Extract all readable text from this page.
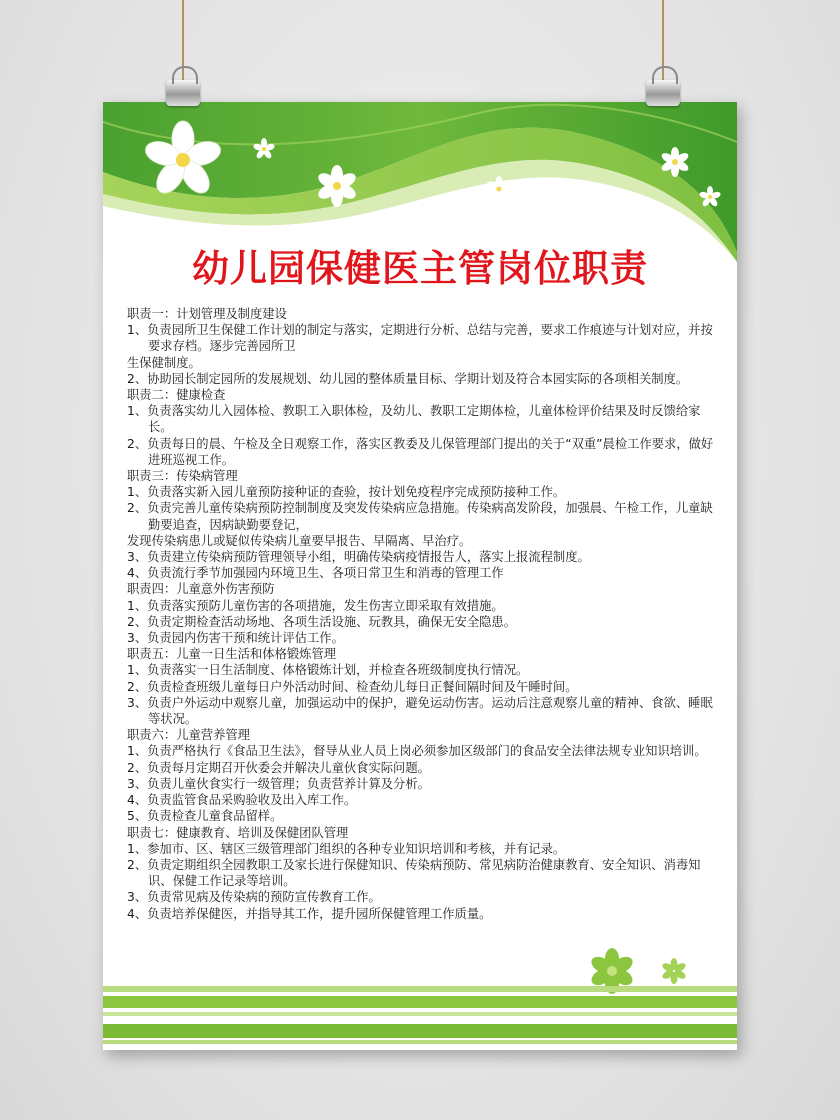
幼儿园保健医主管岗位职责
职责一：计划管理及制度建设
1、负责园所卫生保健工作计划的制定与落实，定期进行分析、总结与完善，要求工作痕迹与计划对应，并按要求存档。逐步完善园所卫
生保健制度。
2、协助园长制定园所的发展规划、幼儿园的整体质量目标、学期计划及符合本园实际的各项相关制度。
职责二：健康检查
1、负责落实幼儿入园体检、教职工入职体检，及幼儿、教职工定期体检，儿童体检评价结果及时反馈给家长。
2、负责每日的晨、午检及全日观察工作，落实区教委及儿保管理部门提出的关于“双重”晨检工作要求，做好进班巡视工作。
职责三：传染病管理
1、负责落实新入园儿童预防接种证的查验，按计划免疫程序完成预防接种工作。
2、负责完善儿童传染病预防控制制度及突发传染病应急措施。传染病高发阶段，加强晨、午检工作，儿童缺勤要追查，因病缺勤要登记，
发现传染病患儿或疑似传染病儿童要早报告、早隔离、早治疗。
3、负责建立传染病预防管理领导小组，明确传染病疫情报告人，落实上报流程制度。
4、负责流行季节加强园内环境卫生、各项日常卫生和消毒的管理工作
职责四：儿童意外伤害预防
1、负责落实预防儿童伤害的各项措施，发生伤害立即采取有效措施。
2、负责定期检查活动场地、各项生活设施、玩教具，确保无安全隐患。
3、负责园内伤害干预和统计评估工作。
职责五：儿童一日生活和体格锻炼管理
1、负责落实一日生活制度、体格锻炼计划，并检查各班级制度执行情况。
2、负责检查班级儿童每日户外活动时间、检查幼儿每日正餐间隔时间及午睡时间。
3、负责户外运动中观察儿童，加强运动中的保护，避免运动伤害。运动后注意观察儿童的精神、食欲、睡眠等状况。
职责六：儿童营养管理
1、负责严格执行《食品卫生法》，督导从业人员上岗必须参加区级部门的食品安全法律法规专业知识培训。
2、负责每月定期召开伙委会并解决儿童伙食实际问题。
3、负责儿童伙食实行一级管理；负责营养计算及分析。
4、负责监管食品采购验收及出入库工作。
5、负责检查儿童食品留样。
职责七：健康教育、培训及保健团队管理
1、参加市、区、辖区三级管理部门组织的各种专业知识培训和考核，并有记录。
2、负责定期组织全园教职工及家长进行保健知识、传染病预防、常见病防治健康教育、安全知识、消毒知识、保健工作记录等培训。
3、负责常见病及传染病的预防宣传教育工作。
4、负责培养保健医，并指导其工作，提升园所保健管理工作质量。
